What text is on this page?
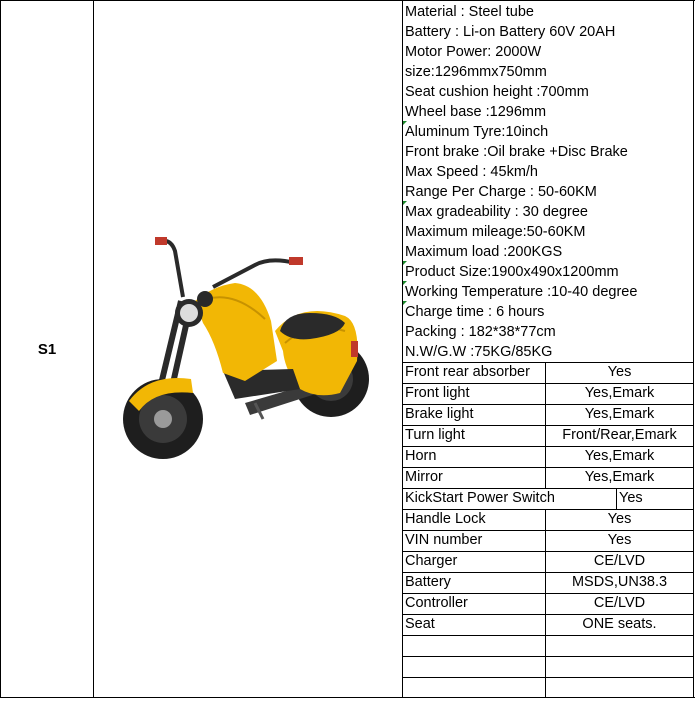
S1
Material : Steel tube
Battery : Li-on Battery 60V 20AH
Motor Power: 2000W
size:1296mmx750mm
Seat cushion height :700mm
Wheel base :1296mm
Aluminum Tyre:10inch
Front brake :Oil brake +Disc Brake
Max Speed : 45km/h
Range Per Charge : 50-60KM
Max gradeability : 30 degree
Maximum mileage:50-60KM
Maximum load :200KGS
Product Size:1900x490x1200mm
Working Temperature :10-40 degree
Charge time : 6 hours
Packing : 182*38*77cm
N.W/G.W :75KG/85KG
Front rear absorber	Yes
Front light	Yes,Emark
Brake light	Yes,Emark
Turn light	Front/Rear,Emark
Horn	Yes,Emark
Mirror	Yes,Emark
KickStart Power Switch	Yes
Handle Lock	Yes
VIN number	Yes
Charger	CE/LVD
Battery	MSDS,UN38.3
Controller	CE/LVD
Seat	ONE seats.
